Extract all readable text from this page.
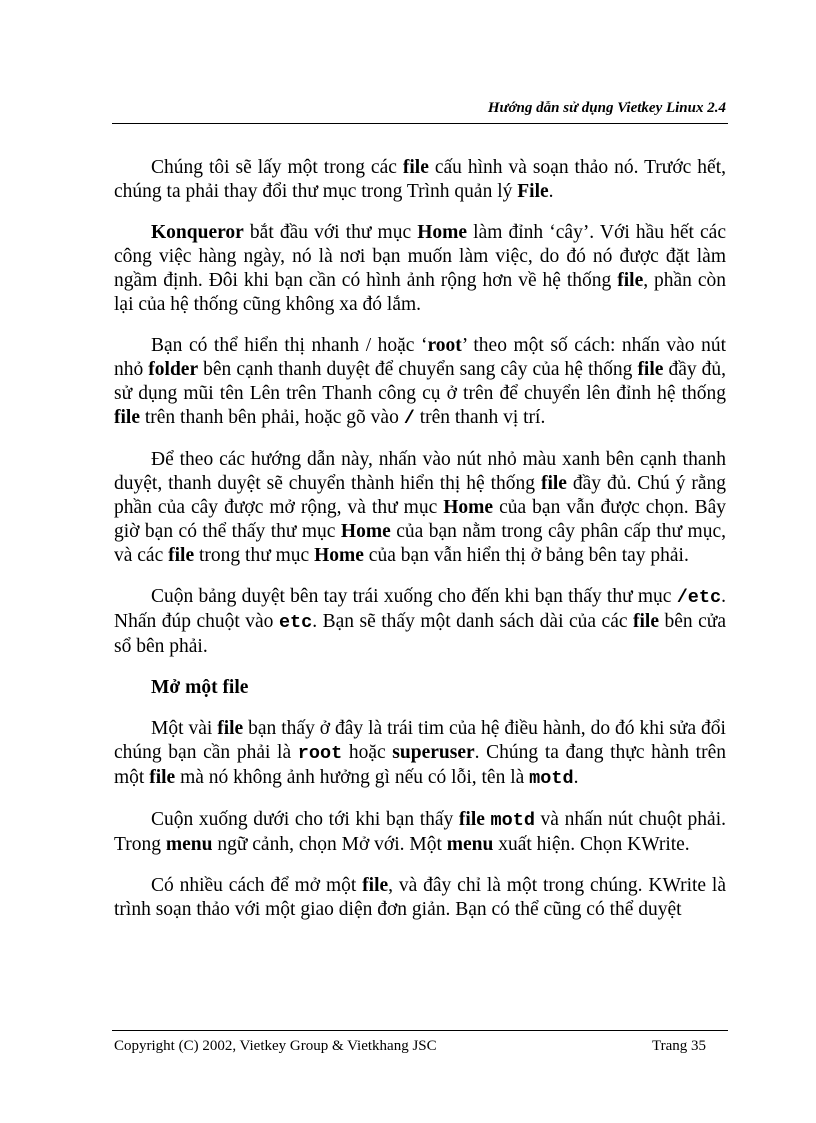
Hướng dẫn sử dụng Vietkey Linux 2.4

Chúng tôi sẽ lấy một trong các file cấu hình và soạn thảo nó. Trước hết, chúng ta phải thay đổi thư mục trong Trình quản lý File.

Konqueror bắt đầu với thư mục Home làm đỉnh ‘cây’. Với hầu hết các công việc hàng ngày, nó là nơi bạn muốn làm việc, do đó nó được đặt làm ngầm định. Đôi khi bạn cần có hình ảnh rộng hơn về hệ thống file, phần còn lại của hệ thống cũng không xa đó lắm.

Bạn có thể hiển thị nhanh / hoặc ‘root’ theo một số cách: nhấn vào nút nhỏ folder bên cạnh thanh duyệt để chuyển sang cây của hệ thống file đầy đủ, sử dụng mũi tên Lên trên Thanh công cụ ở trên để chuyển lên đỉnh hệ thống file trên thanh bên phải, hoặc gõ vào / trên thanh vị trí.

Để theo các hướng dẫn này, nhấn vào nút nhỏ màu xanh bên cạnh thanh duyệt, thanh duyệt sẽ chuyển thành hiển thị hệ thống file đầy đủ. Chú ý rằng phần của cây được mở rộng, và thư mục Home của bạn vẫn được chọn. Bây giờ bạn có thể thấy thư mục Home của bạn nằm trong cây phân cấp thư mục, và các file trong thư mục Home của bạn vẫn hiển thị ở bảng bên tay phải.

Cuộn bảng duyệt bên tay trái xuống cho đến khi bạn thấy thư mục /etc. Nhấn đúp chuột vào etc. Bạn sẽ thấy một danh sách dài của các file bên cửa sổ bên phải.

Mở một file

Một vài file bạn thấy ở đây là trái tim của hệ điều hành, do đó khi sửa đổi chúng bạn cần phải là root hoặc superuser. Chúng ta đang thực hành trên một file mà nó không ảnh hưởng gì nếu có lỗi, tên là motd.

Cuộn xuống dưới cho tới khi bạn thấy file motd và nhấn nút chuột phải. Trong menu ngữ cảnh, chọn Mở với. Một menu xuất hiện. Chọn KWrite.

Có nhiều cách để mở một file, và đây chỉ là một trong chúng. KWrite là trình soạn thảo với một giao diện đơn giản. Bạn có thể cũng có thể duyệt

Copyright (C) 2002, Vietkey Group & Vietkhang JSC	Trang 35
